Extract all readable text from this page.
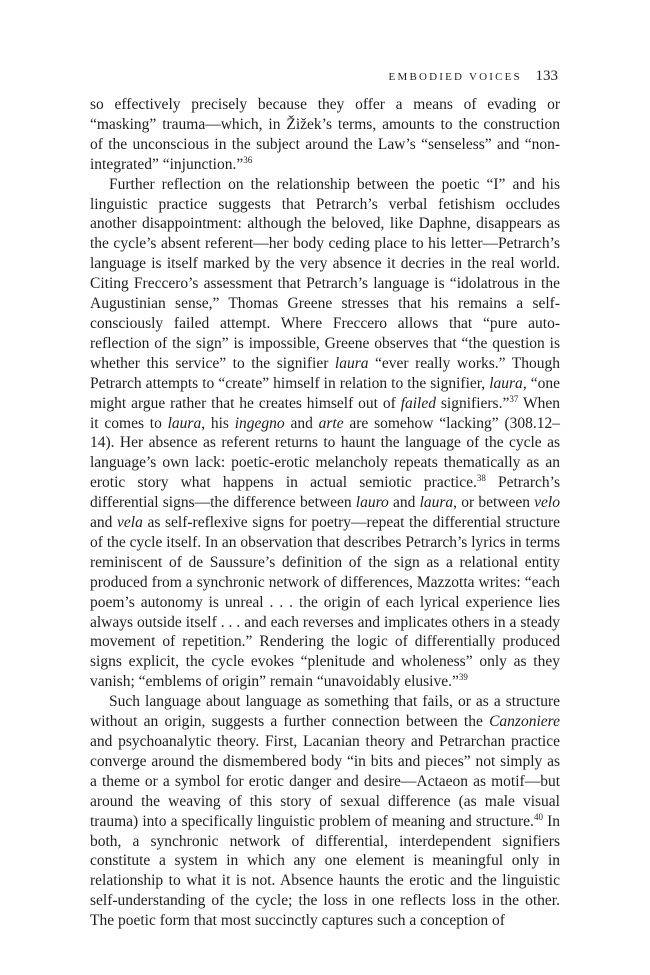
EMBODIED VOICES 133

so effectively precisely because they offer a means of evading or “masking” trauma—which, in Žižek’s terms, amounts to the construction of the unconscious in the subject around the Law’s “senseless” and “non-integrated” “injunction.”$^{36}$

Further reflection on the relationship between the poetic “I” and his linguistic practice suggests that Petrarch’s verbal fetishism occludes another disappointment: although the beloved, like Daphne, disappears as the cycle’s absent referent—her body ceding place to his letter—Petrarch’s language is itself marked by the very absence it decries in the real world. Citing Freccero’s assessment that Petrarch’s language is “idolatrous in the Augustinian sense,” Thomas Greene stresses that his remains a self-consciously failed attempt. Where Freccero allows that “pure auto-reflection of the sign” is impossible, Greene observes that “the question is whether this service” to the signifier laura “ever really works.” Though Petrarch attempts to “create” himself in relation to the signifier, laura, “one might argue rather that he creates himself out of failed signifiers.”$^{37}$ When it comes to laura, his ingegno and arte are somehow “lacking” (308.12–14). Her absence as referent returns to haunt the language of the cycle as language’s own lack: poetic-erotic melancholy repeats thematically as an erotic story what happens in actual semiotic practice.$^{38}$ Petrarch’s differential signs—the difference between lauro and laura, or between velo and vela as self-reflexive signs for poetry—repeat the differential structure of the cycle itself. In an observation that describes Petrarch’s lyrics in terms reminiscent of de Saussure’s definition of the sign as a relational entity produced from a synchronic network of differences, Mazzotta writes: “each poem’s autonomy is unreal . . . the origin of each lyrical experience lies always outside itself . . . and each reverses and implicates others in a steady movement of repetition.” Rendering the logic of differentially produced signs explicit, the cycle evokes “plenitude and wholeness” only as they vanish; “emblems of origin” remain “unavoidably elusive.”$^{39}$

Such language about language as something that fails, or as a structure without an origin, suggests a further connection between the Canzoniere and psychoanalytic theory. First, Lacanian theory and Petrarchan practice converge around the dismembered body “in bits and pieces” not simply as a theme or a symbol for erotic danger and desire—Actaeon as motif—but around the weaving of this story of sexual difference (as male visual trauma) into a specifically linguistic problem of meaning and structure.$^{40}$ In both, a synchronic network of differential, interdependent signifiers constitute a system in which any one element is meaningful only in relationship to what it is not. Absence haunts the erotic and the linguistic self-understanding of the cycle; the loss in one reflects loss in the other. The poetic form that most succinctly captures such a conception of
